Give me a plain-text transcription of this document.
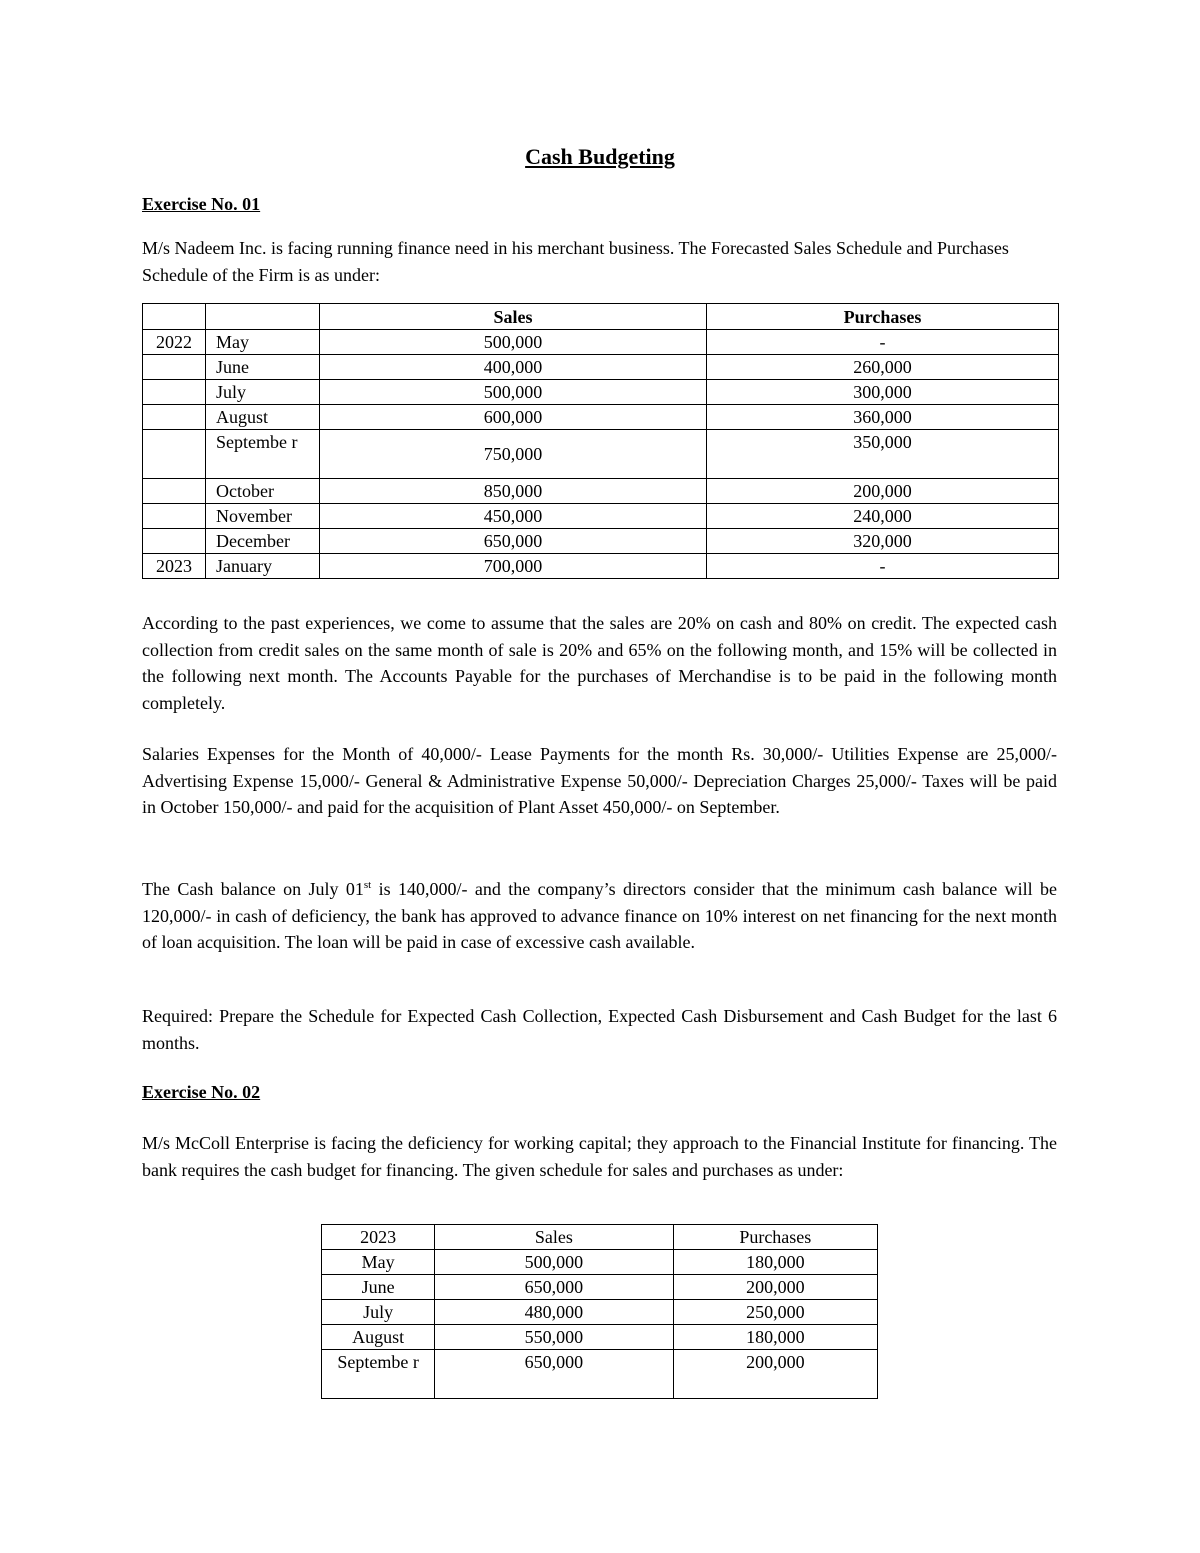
Cash Budgeting
Exercise No. 01
M/s Nadeem Inc. is facing running finance need in his merchant business. The Forecasted Sales Schedule and Purchases Schedule of the Firm is as under:
		Sales	Purchases
2022	May	500,000	-
	June	400,000	260,000
	July	500,000	300,000
	August	600,000	360,000
	Septembe r	750,000	350,000
	October	850,000	200,000
	November	450,000	240,000
	December	650,000	320,000
2023	January	700,000	-
According to the past experiences, we come to assume that the sales are 20% on cash and 80% on credit. The expected cash collection from credit sales on the same month of sale is 20% and 65% on the following month, and 15% will be collected in the following next month. The Accounts Payable for the purchases of Merchandise is to be paid in the following month completely.
Salaries Expenses for the Month of 40,000/- Lease Payments for the month Rs. 30,000/- Utilities Expense are 25,000/- Advertising Expense 15,000/- General & Administrative Expense 50,000/- Depreciation Charges 25,000/- Taxes will be paid in October 150,000/- and paid for the acquisition of Plant Asset 450,000/- on September.
The Cash balance on July 01st is 140,000/- and the company’s directors consider that the minimum cash balance will be 120,000/- in cash of deficiency, the bank has approved to advance finance on 10% interest on net financing for the next month of loan acquisition. The loan will be paid in case of excessive cash available.
Required: Prepare the Schedule for Expected Cash Collection, Expected Cash Disbursement and Cash Budget for the last 6 months.
Exercise No. 02
M/s McColl Enterprise is facing the deficiency for working capital; they approach to the Financial Institute for financing. The bank requires the cash budget for financing. The given schedule for sales and purchases as under:
2023	Sales	Purchases
May	500,000	180,000
June	650,000	200,000
July	480,000	250,000
August	550,000	180,000
Septembe r	650,000	200,000
